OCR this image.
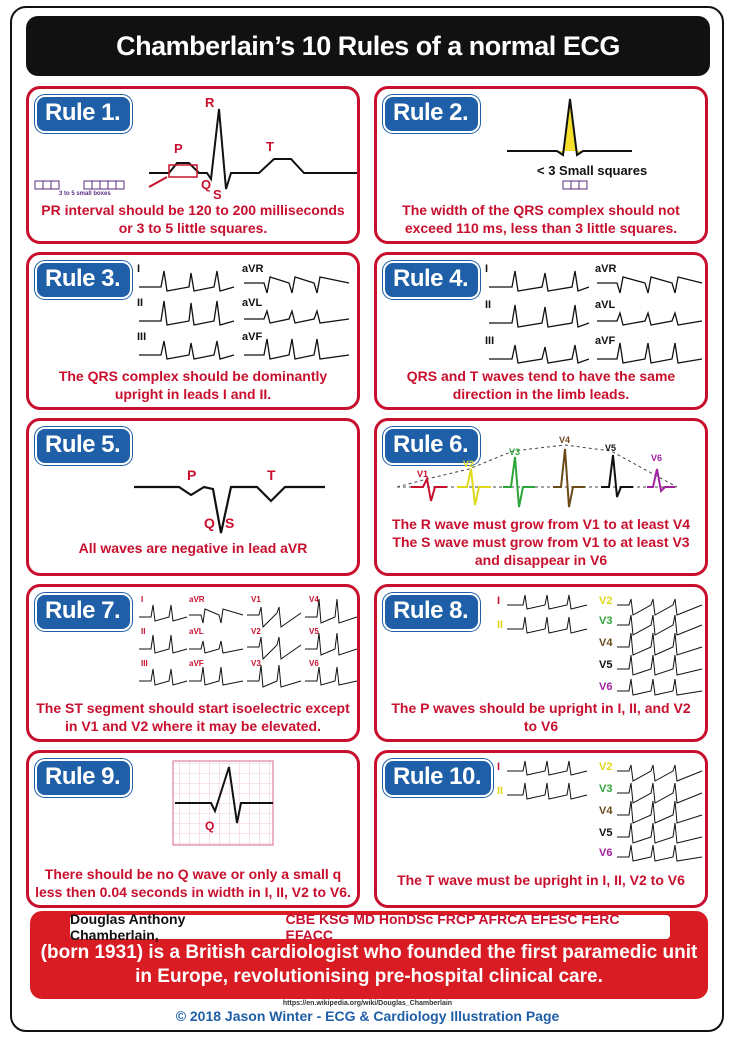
Chamberlain’s 10 Rules of a normal ECG
Rule 1.	R
P	T
Q
S
3 to 5 small boxes
PR interval should be 120 to 200 milliseconds or 3 to 5 little squares.
Rule 2.
< 3 Small squares
The width of the QRS complex should not exceed 110 ms, less than 3 little squares.
Rule 3.	I	aVR
II	aVL
III	aVF
The QRS complex should be dominantly upright in leads I and II.
Rule 4.	I	aVR
II	aVL
III	aVF
QRS and T waves tend to have the same direction in the limb leads.
Rule 5.
P	T
Q S
All waves are negative in lead aVR
Rule 6.
V1
V2
V3
V4
V5
V6
The R wave must grow from V1 to at least V4 The S wave must grow from V1 to at least V3 and disappear in V6
Rule 7.	I	aVR	V1	V4
II	aVL	V2	V5
III	aVF	V3	V6
The ST segment should start isoelectric except in V1 and V2 where it may be elevated.
Rule 8.	I
II
V2
V3
V4
V5
V6
The P waves should be upright in I, II, and V2 to V6
Rule 9.
Q
There should be no Q wave or only a small q less then 0.04 seconds in width in I, II, V2 to V6.
Rule 10.	I
II
V2
V3
V4
V5
V6
The T wave must be upright in I, II, V2 to V6
Douglas Anthony Chamberlain,
CBE KSG MD HonDSc FRCP AFRCA EFESC FERC EFACC
(born 1931) is a British cardiologist who founded the first paramedic unit in Europe, revolutionising pre-hospital clinical care.
https://en.wikipedia.org/wiki/Douglas_Chamberlain
© 2018 Jason Winter - ECG & Cardiology Illustration Page
